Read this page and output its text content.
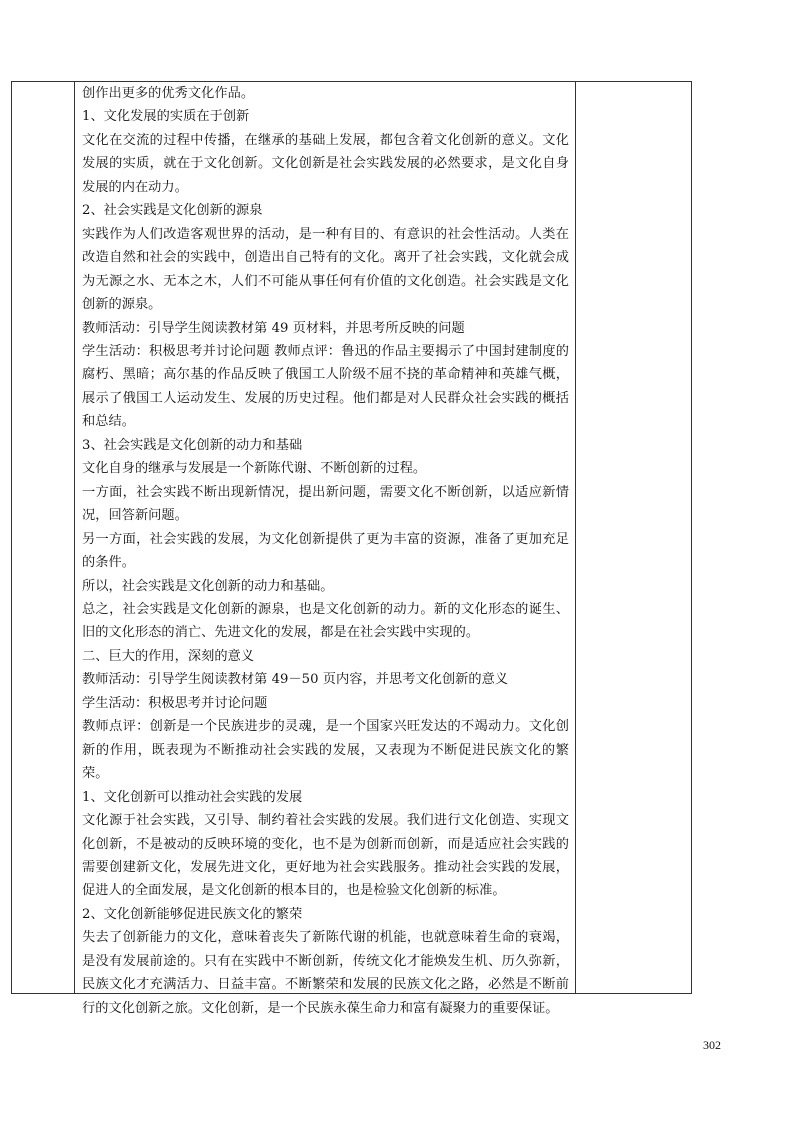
创作出更多的优秀文化作品。

1、文化发展的实质在于创新

文化在交流的过程中传播，在继承的基础上发展，都包含着文化创新的意义。文化发展的实质，就在于文化创新。文化创新是社会实践发展的必然要求，是文化自身发展的内在动力。

2、社会实践是文化创新的源泉

实践作为人们改造客观世界的活动，是一种有目的、有意识的社会性活动。人类在改造自然和社会的实践中，创造出自己特有的文化。离开了社会实践，文化就会成为无源之水、无本之木，人们不可能从事任何有价值的文化创造。社会实践是文化创新的源泉。

教师活动：引导学生阅读教材第 49 页材料，并思考所反映的问题

学生活动：积极思考并讨论问题 教师点评：鲁迅的作品主要揭示了中国封建制度的腐朽、黑暗；高尔基的作品反映了俄国工人阶级不屈不挠的革命精神和英雄气概，展示了俄国工人运动发生、发展的历史过程。他们都是对人民群众社会实践的概括和总结。

3、社会实践是文化创新的动力和基础

文化自身的继承与发展是一个新陈代谢、不断创新的过程。

一方面，社会实践不断出现新情况，提出新问题，需要文化不断创新，以适应新情况，回答新问题。

另一方面，社会实践的发展，为文化创新提供了更为丰富的资源，准备了更加充足的条件。

所以，社会实践是文化创新的动力和基础。

总之，社会实践是文化创新的源泉，也是文化创新的动力。新的文化形态的诞生、旧的文化形态的消亡、先进文化的发展，都是在社会实践中实现的。

二、巨大的作用，深刻的意义

教师活动：引导学生阅读教材第 49－50 页内容，并思考文化创新的意义

学生活动：积极思考并讨论问题

教师点评：创新是一个民族进步的灵魂，是一个国家兴旺发达的不竭动力。文化创新的作用，既表现为不断推动社会实践的发展，又表现为不断促进民族文化的繁荣。

1、文化创新可以推动社会实践的发展

文化源于社会实践，又引导、制约着社会实践的发展。我们进行文化创造、实现文化创新，不是被动的反映环境的变化，也不是为创新而创新，而是适应社会实践的需要创建新文化，发展先进文化，更好地为社会实践服务。推动社会实践的发展，促进人的全面发展，是文化创新的根本目的，也是检验文化创新的标准。

2、文化创新能够促进民族文化的繁荣

失去了创新能力的文化，意味着丧失了新陈代谢的机能，也就意味着生命的衰竭，是没有发展前途的。只有在实践中不断创新，传统文化才能焕发生机、历久弥新，民族文化才充满活力、日益丰富。不断繁荣和发展的民族文化之路，必然是不断前行的文化创新之旅。文化创新，是一个民族永葆生命力和富有凝聚力的重要保证。

302
